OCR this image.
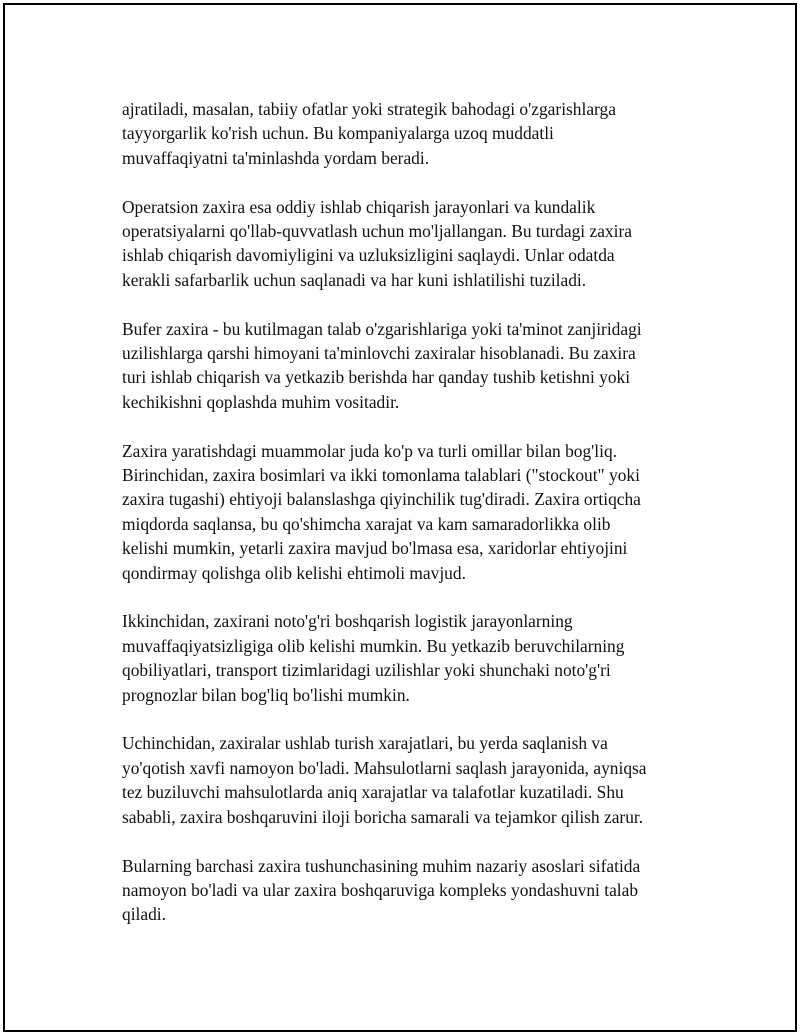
ajratiladi, masalan, tabiiy ofatlar yoki strategik bahodagi o'zgarishlarga
tayyorgarlik ko'rish uchun. Bu kompaniyalarga uzoq muddatli
muvaffaqiyatni ta'minlashda yordam beradi.

Operatsion zaxira esa oddiy ishlab chiqarish jarayonlari va kundalik
operatsiyalarni qo'llab-quvvatlash uchun mo'ljallangan. Bu turdagi zaxira
ishlab chiqarish davomiyligini va uzluksizligini saqlaydi. Unlar odatda
kerakli safarbarlik uchun saqlanadi va har kuni ishlatilishi tuziladi.

Bufer zaxira - bu kutilmagan talab o'zgarishlariga yoki ta'minot zanjiridagi
uzilishlarga qarshi himoyani ta'minlovchi zaxiralar hisoblanadi. Bu zaxira
turi ishlab chiqarish va yetkazib berishda har qanday tushib ketishni yoki
kechikishni qoplashda muhim vositadir.

Zaxira yaratishdagi muammolar juda ko'p va turli omillar bilan bog'liq.
Birinchidan, zaxira bosimlari va ikki tomonlama talablari ("stockout" yoki
zaxira tugashi) ehtiyoji balanslashga qiyinchilik tug'diradi. Zaxira ortiqcha
miqdorda saqlansa, bu qo'shimcha xarajat va kam samaradorlikka olib
kelishi mumkin, yetarli zaxira mavjud bo'lmasa esa, xaridorlar ehtiyojini
qondirmay qolishga olib kelishi ehtimoli mavjud.

Ikkinchidan, zaxirani noto'g'ri boshqarish logistik jarayonlarning
muvaffaqiyatsizligiga olib kelishi mumkin. Bu yetkazib beruvchilarning
qobiliyatlari, transport tizimlaridagi uzilishlar yoki shunchaki noto'g'ri
prognozlar bilan bog'liq bo'lishi mumkin.

Uchinchidan, zaxiralar ushlab turish xarajatlari, bu yerda saqlanish va
yo'qotish xavfi namoyon bo'ladi. Mahsulotlarni saqlash jarayonida, ayniqsa
tez buziluvchi mahsulotlarda aniq xarajatlar va talafotlar kuzatiladi. Shu
sababli, zaxira boshqaruvini iloji boricha samarali va tejamkor qilish zarur.

Bularning barchasi zaxira tushunchasining muhim nazariy asoslari sifatida
namoyon bo'ladi va ular zaxira boshqaruviga kompleks yondashuvni talab
qiladi.
